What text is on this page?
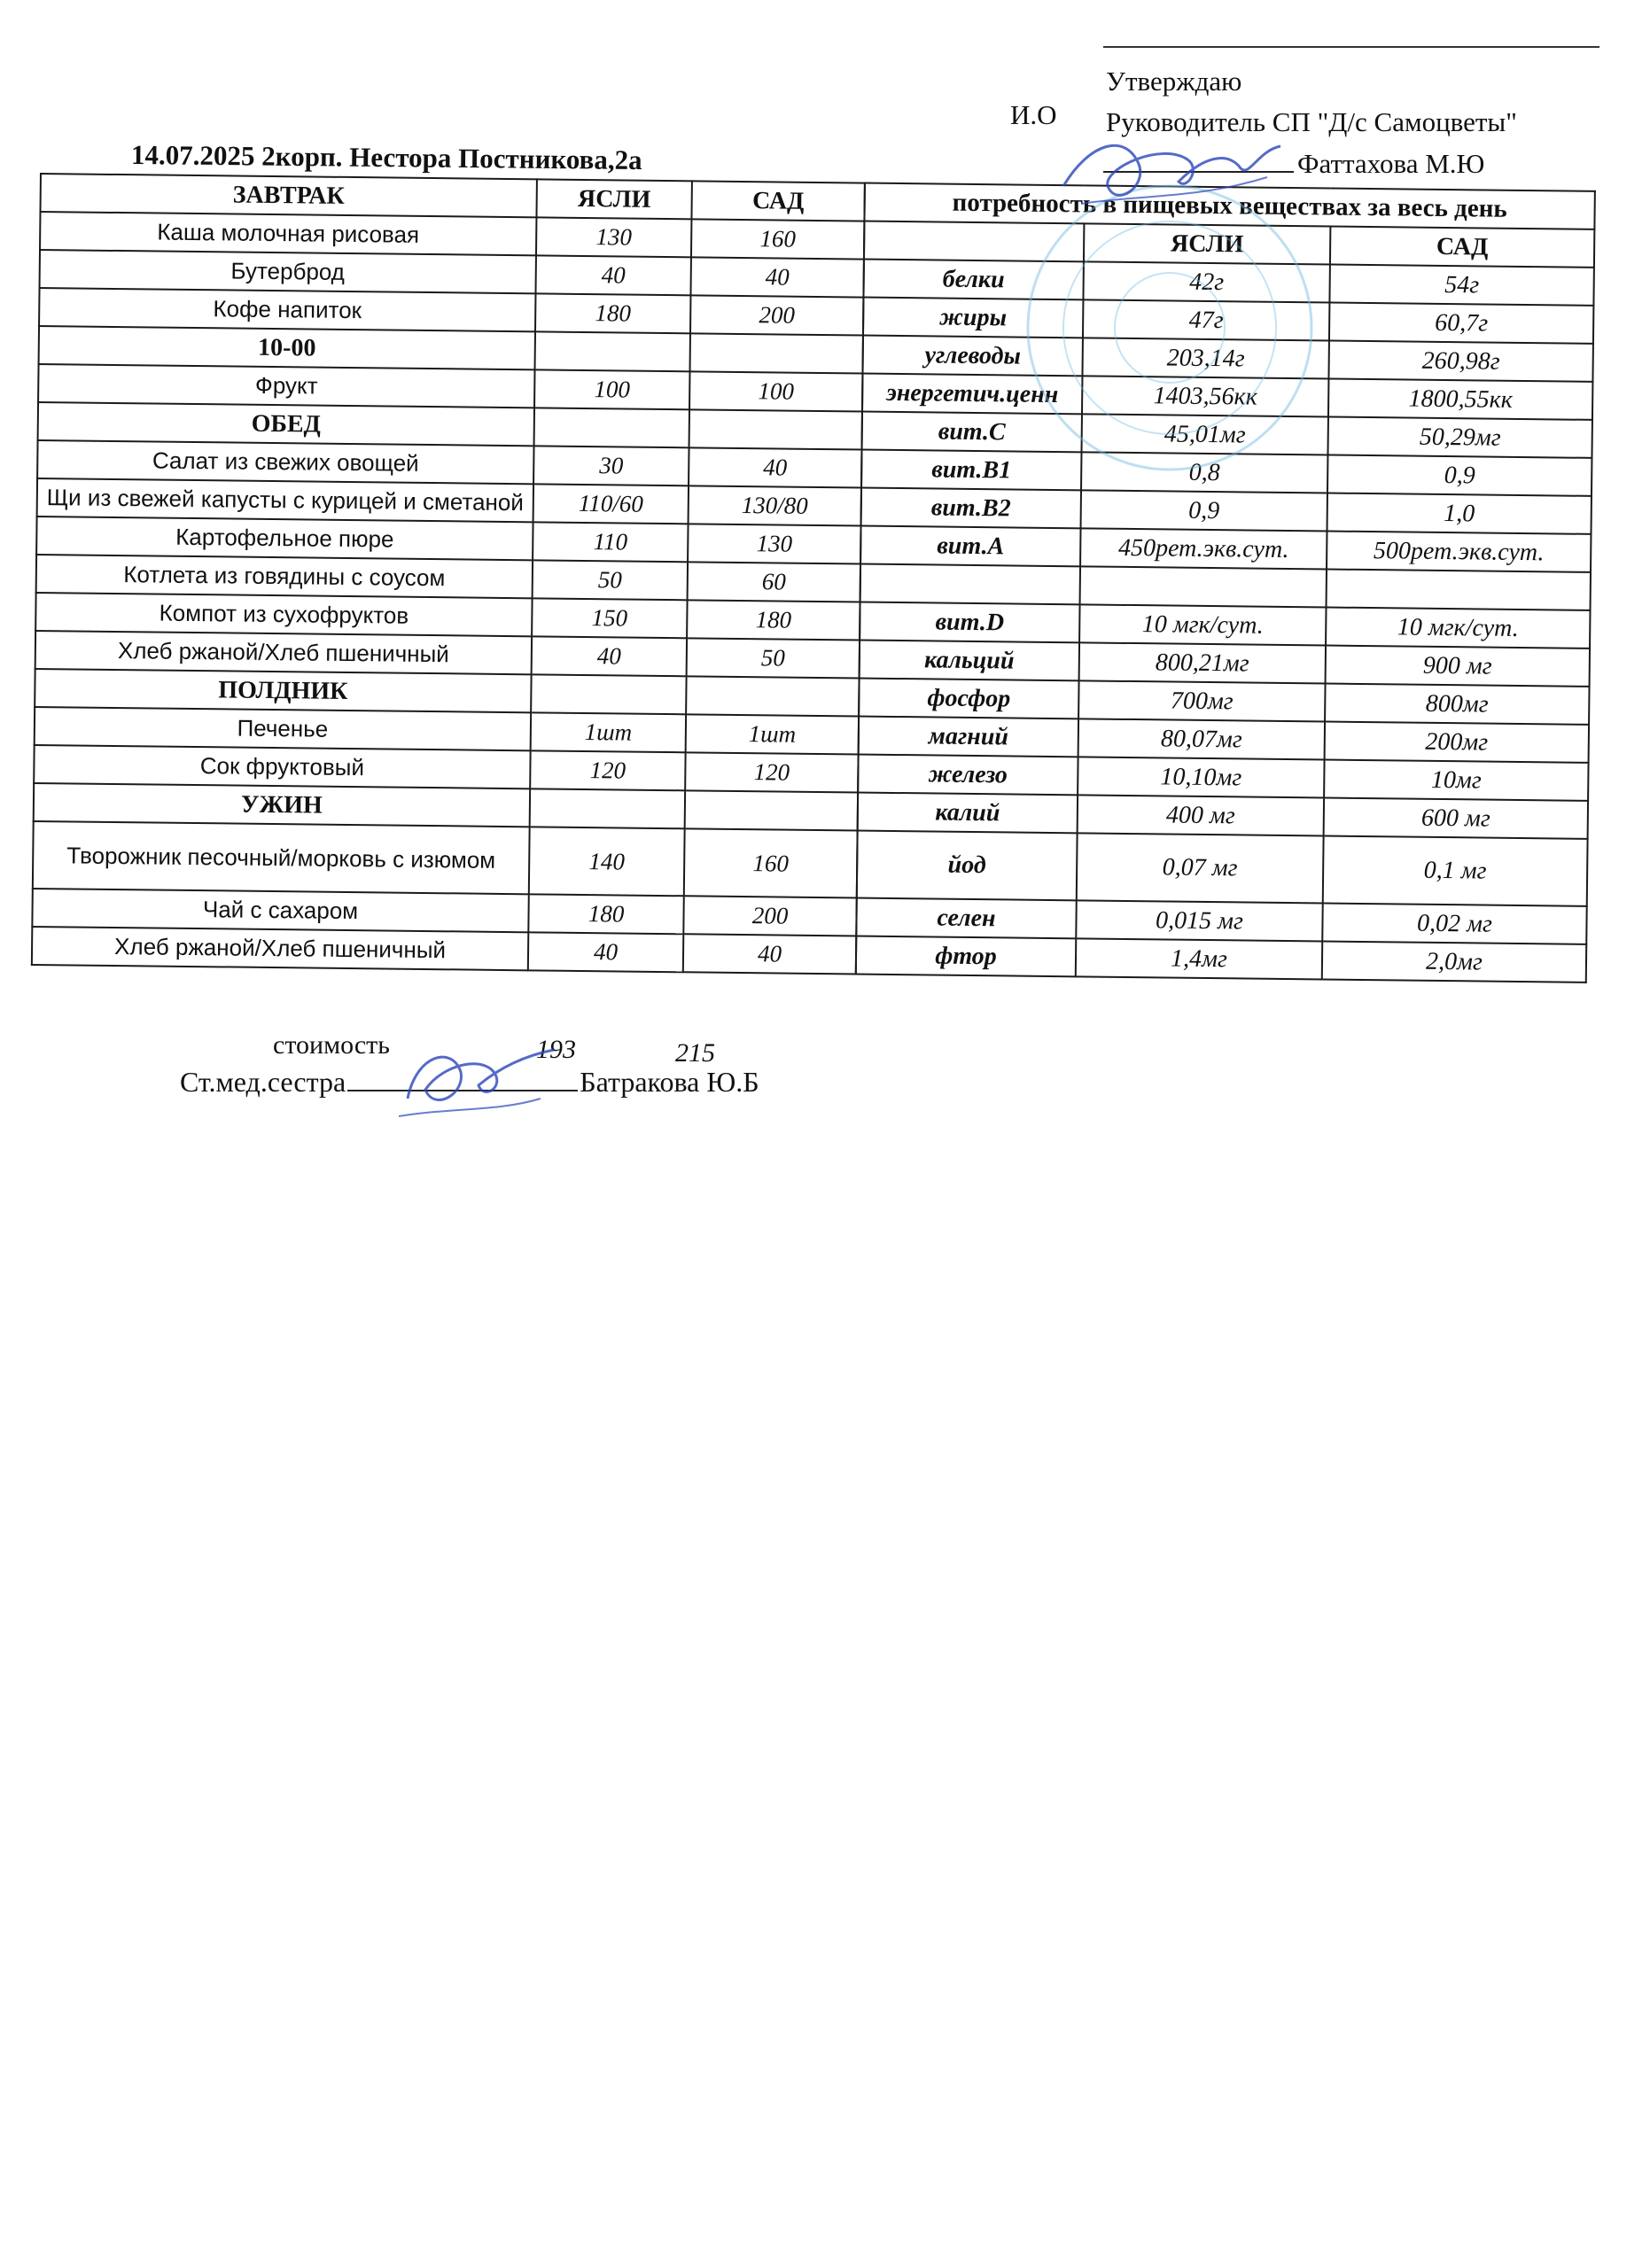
Утверждаю
И.О Руководитель СП "Д/с Самоцветы"
Фаттахова М.Ю
14.07.2025 2корп. Нестора Постникова,2а
ЗАВТРАК	ЯСЛИ	САД
Каша молочная рисовая	130	160
Бутерброд	40	40
Кофе напиток	180	200
10-00		
Фрукт	100	100
ОБЕД		
Салат из свежих овощей	30	40
Щи из свежей капусты с курицей и сметаной	110/60	130/80
Картофельное пюре	110	130
Котлета из говядины с соусом	50	60
Компот из сухофруктов	150	180
Хлеб ржаной/Хлеб пшеничный	40	50
ПОЛДНИК		
Печенье	1шт	1шт
Сок фруктовый	120	120
УЖИН		
Творожник песочный/морковь с изюмом	140	160
Чай с сахаром	180	200
Хлеб ржаной/Хлеб пшеничный	40	40
потребность в пищевых веществах за весь день		
	ЯСЛИ	САД
белки	42г	54г
жиры	47г	60,7г
углеводы	203,14г	260,98г
энергетич.ценн	1403,56кк	1800,55кк
вит.С	45,01мг	50,29мг
вит.В1	0,8	0,9
вит.В2	0,9	1,0
вит.А	450рет.экв.сут.	500рет.экв.сут.

вит.D	10 мгк/сут.	10 мгк/сут.
кальций	800,21мг	900 мг
фосфор	700мг	800мг
магний	80,07мг	200мг
железо	10,10мг	10мг
калий	400 мг	600 мг
йод	0,07 мг	0,1 мг
селен	0,015 мг	0,02 мг
фтор	1,4мг	2,0мг
стоимость	193	215
Ст.мед.сестра	Батракова Ю.Б
